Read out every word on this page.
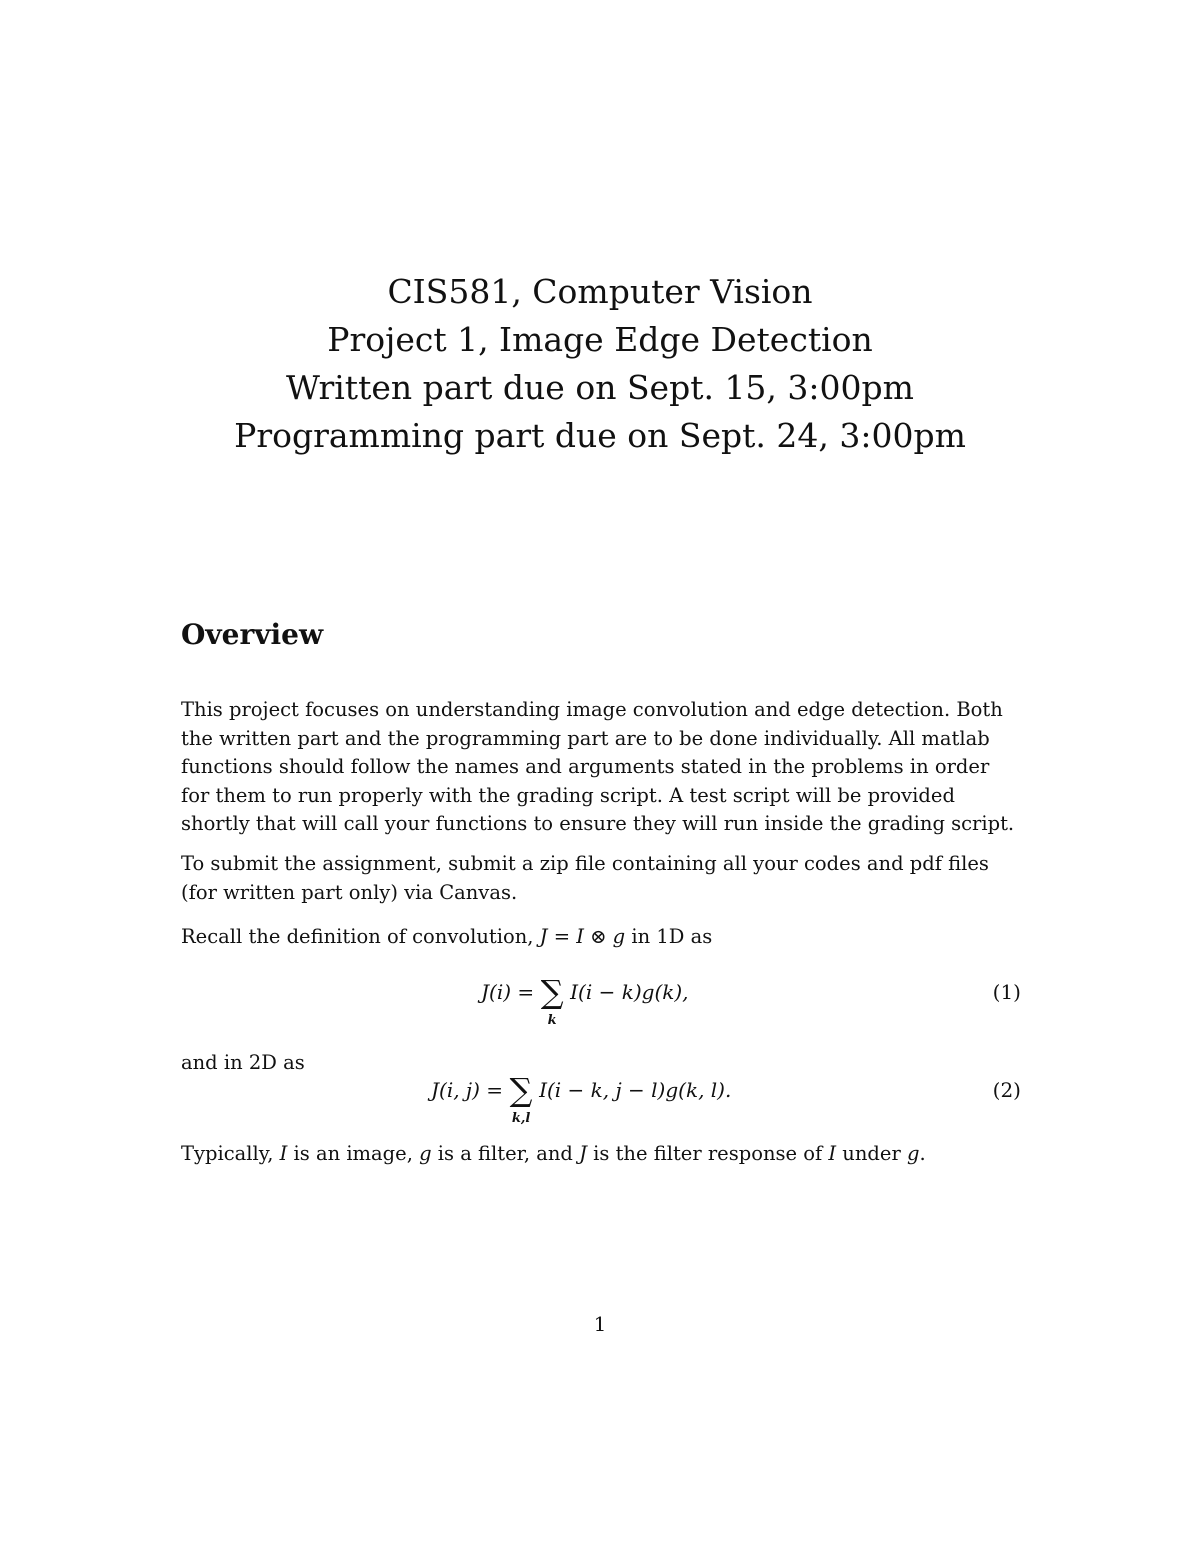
CIS581, Computer Vision
Project 1, Image Edge Detection
Written part due on Sept. 15, 3:00pm
Programming part due on Sept. 24, 3:00pm
Overview

This project focuses on understanding image convolution and edge detection. Both the written part and the programming part are to be done individually. All matlab functions should follow the names and arguments stated in the problems in order for them to run properly with the grading script. A test script will be provided shortly that will call your functions to ensure they will run inside the grading script.

To submit the assignment, submit a zip file containing all your codes and pdf files (for written part only) via Canvas.

Recall the definition of convolution, J = I ⊗ g in 1D as

J(i) = ∑
k
I(i − k)g(k),	(1)

and in 2D as

J(i, j) = ∑
k,l
I(i − k, j − l)g(k, l).	(2)

Typically, I is an image, g is a filter, and J is the filter response of I under g.

1
